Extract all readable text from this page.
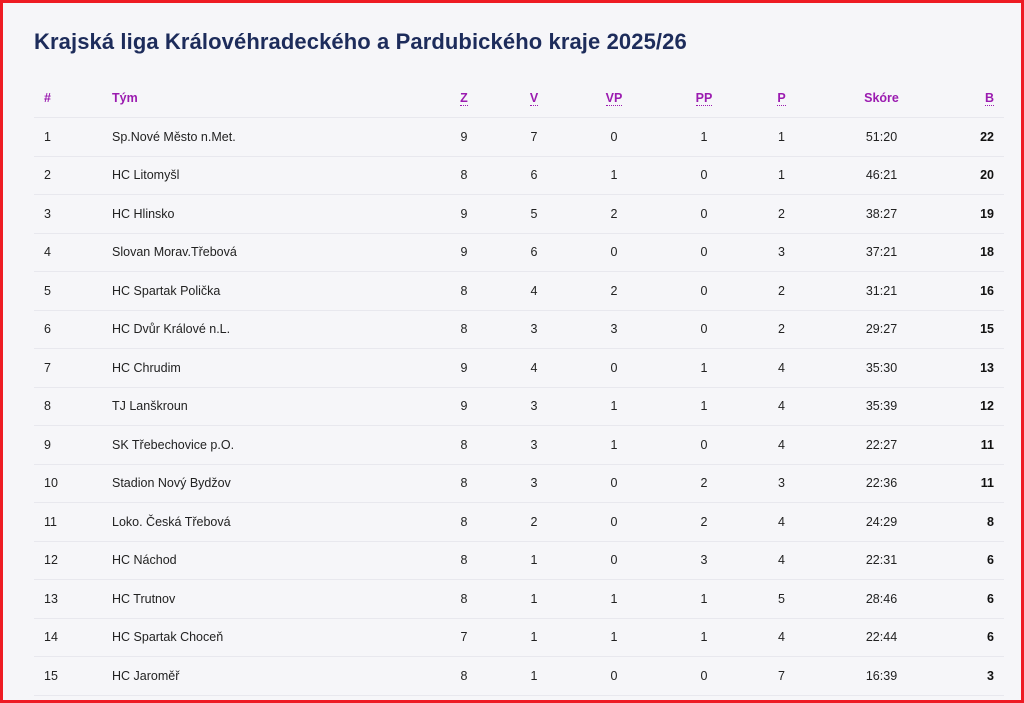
Krajská liga Královéhradeckého a Pardubického kraje 2025/26
#	Tým	Z	V	VP	PP	P	Skóre	B
1	Sp.Nové Město n.Met.	9	7	0	1	1	51:20	22
2	HC Litomyšl	8	6	1	0	1	46:21	20
3	HC Hlinsko	9	5	2	0	2	38:27	19
4	Slovan Morav.Třebová	9	6	0	0	3	37:21	18
5	HC Spartak Polička	8	4	2	0	2	31:21	16
6	HC Dvůr Králové n.L.	8	3	3	0	2	29:27	15
7	HC Chrudim	9	4	0	1	4	35:30	13
8	TJ Lanškroun	9	3	1	1	4	35:39	12
9	SK Třebechovice p.O.	8	3	1	0	4	22:27	11
10	Stadion Nový Bydžov	8	3	0	2	3	22:36	11
11	Loko. Česká Třebová	8	2	0	2	4	24:29	8
12	HC Náchod	8	1	0	3	4	22:31	6
13	HC Trutnov	8	1	1	1	5	28:46	6
14	HC Spartak Choceň	7	1	1	1	4	22:44	6
15	HC Jaroměř	8	1	0	0	7	16:39	3
